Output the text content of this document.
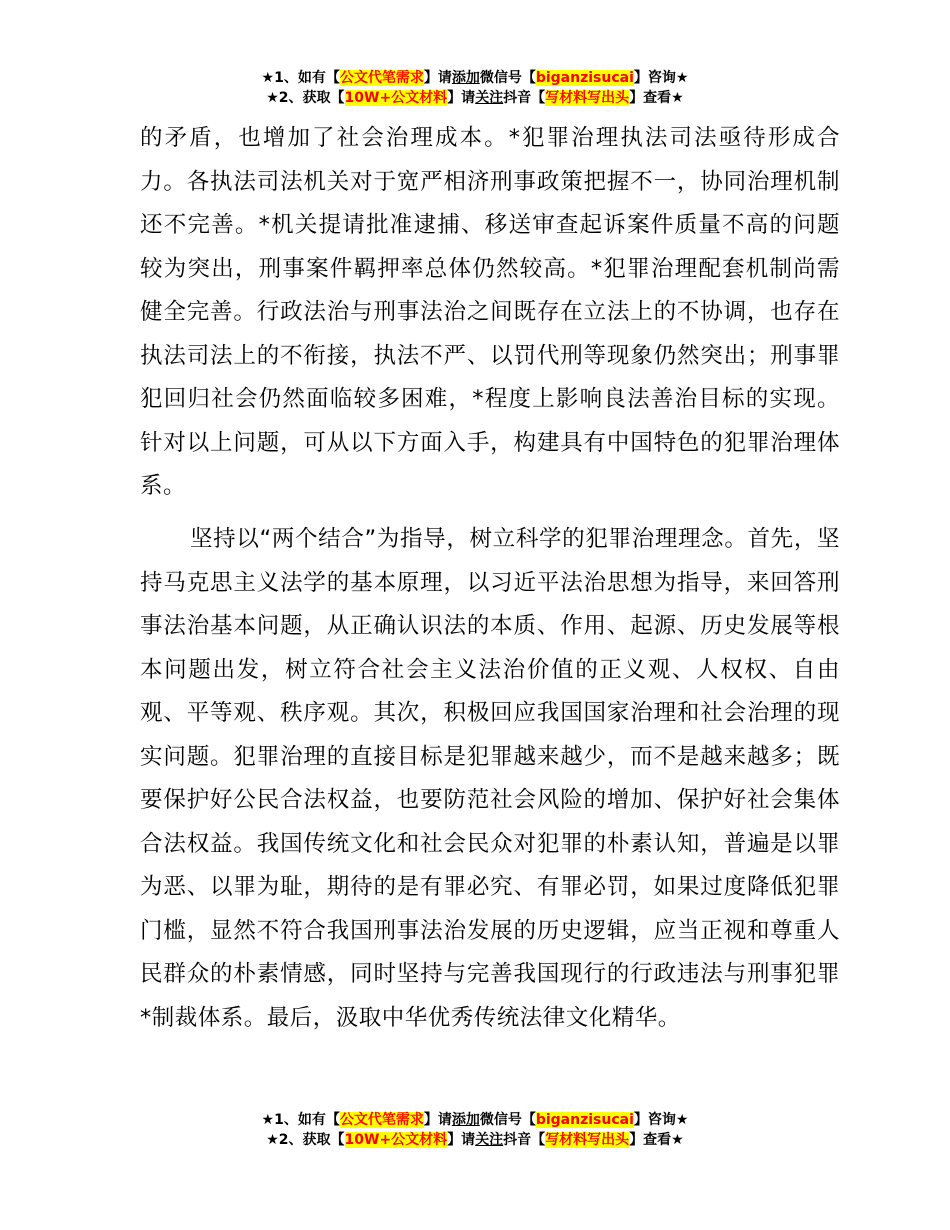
★1、如有【公文代笔需求】请添加微信号【biganzisucai】咨询★
★2、获取【10W+公文材料】请关注抖音【写材料写出头】查看★

的矛盾，也增加了社会治理成本。*犯罪治理执法司法亟待形成合力。各执法司法机关对于宽严相济刑事政策把握不一，协同治理机制还不完善。*机关提请批准逮捕、移送审查起诉案件质量不高的问题较为突出，刑事案件羁押率总体仍然较高。*犯罪治理配套机制尚需健全完善。行政法治与刑事法治之间既存在立法上的不协调，也存在执法司法上的不衔接，执法不严、以罚代刑等现象仍然突出；刑事罪犯回归社会仍然面临较多困难，*程度上影响良法善治目标的实现。针对以上问题，可从以下方面入手，构建具有中国特色的犯罪治理体系。

坚持以“两个结合”为指导，树立科学的犯罪治理理念。首先，坚持马克思主义法学的基本原理，以习近平法治思想为指导，来回答刑事法治基本问题，从正确认识法的本质、作用、起源、历史发展等根本问题出发，树立符合社会主义法治价值的正义观、人权权、自由观、平等观、秩序观。其次，积极回应我国国家治理和社会治理的现实问题。犯罪治理的直接目标是犯罪越来越少，而不是越来越多；既要保护好公民合法权益，也要防范社会风险的增加、保护好社会集体合法权益。我国传统文化和社会民众对犯罪的朴素认知，普遍是以罪为恶、以罪为耻，期待的是有罪必究、有罪必罚，如果过度降低犯罪门槛，显然不符合我国刑事法治发展的历史逻辑，应当正视和尊重人民群众的朴素情感，同时坚持与完善我国现行的行政违法与刑事犯罪*制裁体系。最后，汲取中华优秀传统法律文化精华。

★1、如有【公文代笔需求】请添加微信号【biganzisucai】咨询★
★2、获取【10W+公文材料】请关注抖音【写材料写出头】查看★
